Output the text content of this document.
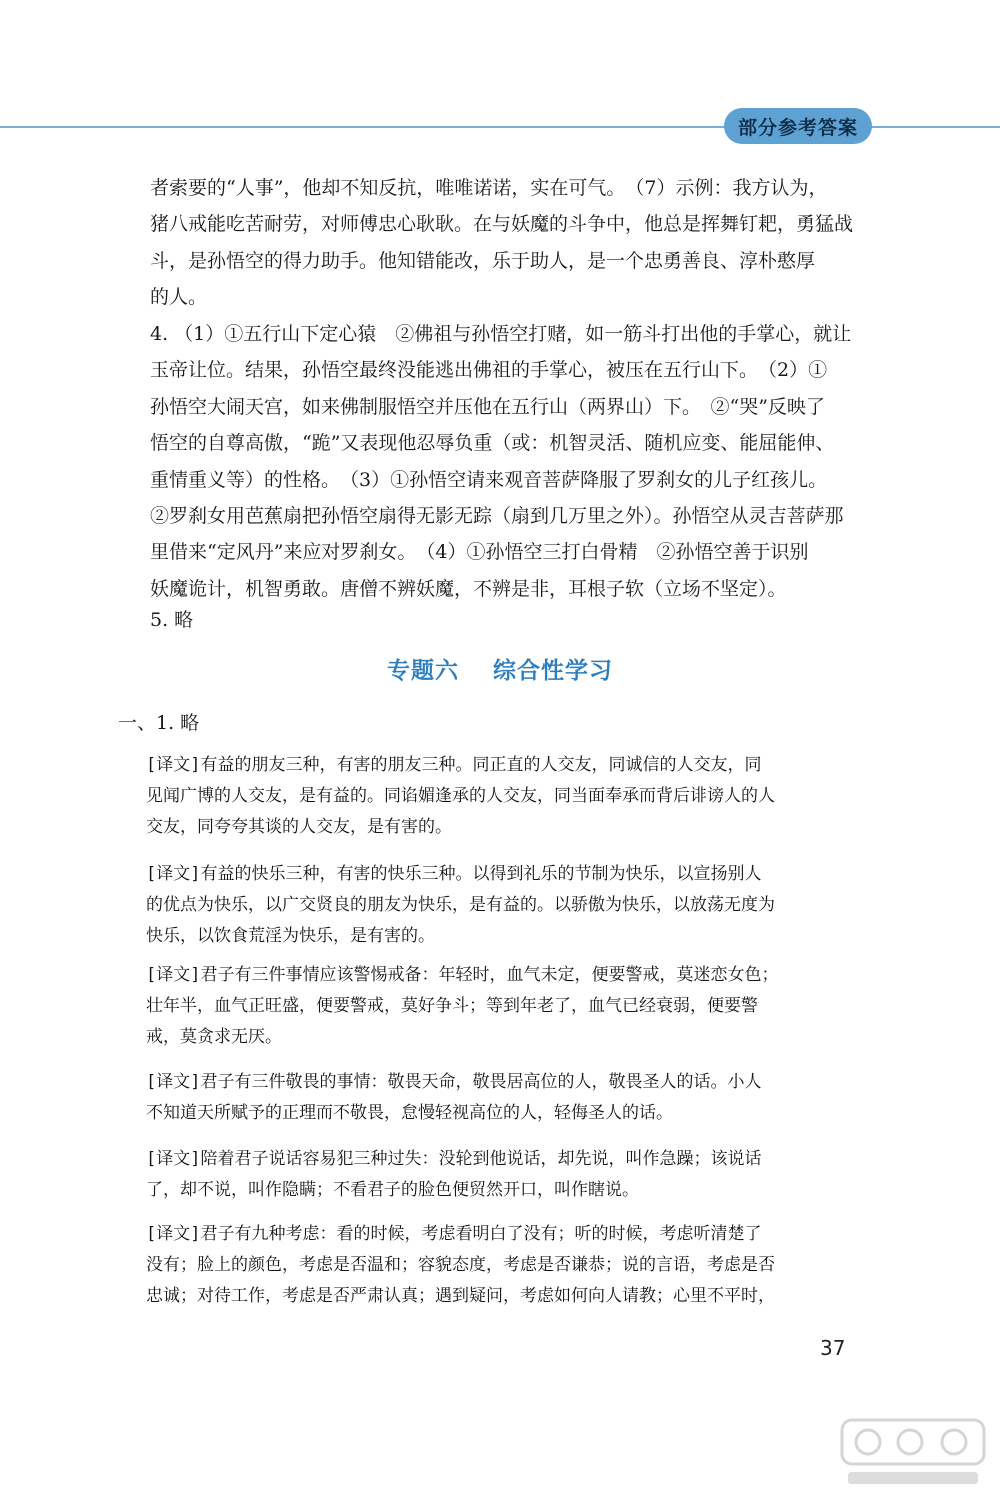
部分参考答案
者索要的“人事”，他却不知反抗，唯唯诺诺，实在可气。　（7）示例：我方认为，
猪八戒能吃苦耐劳，对师傅忠心耿耿。在与妖魔的斗争中，他总是挥舞钉耙，勇猛战
斗，是孙悟空的得力助手。他知错能改，乐于助人，是一个忠勇善良、淳朴憨厚
的人。
4. （1）①五行山下定心猿　②佛祖与孙悟空打赌，如一筋斗打出他的手掌心，就让
玉帝让位。结果，孙悟空最终没能逃出佛祖的手掌心，被压在五行山下。　（2）①
孙悟空大闹天宫，如来佛制服悟空并压他在五行山（两界山）下。　②“哭”反映了
悟空的自尊高傲，“跪”又表现他忍辱负重（或：机智灵活、随机应变、能屈能伸、
重情重义等）的性格。　（3）①孙悟空请来观音菩萨降服了罗刹女的儿子红孩儿。
②罗刹女用芭蕉扇把孙悟空扇得无影无踪（扇到几万里之外）。孙悟空从灵吉菩萨那
里借来“定风丹”来应对罗刹女。　（4）①孙悟空三打白骨精　②孙悟空善于识别
妖魔诡计，机智勇敢。唐僧不辨妖魔，不辨是非，耳根子软（立场不坚定）。
5. 略
专题六 综合性学习
一、1. 略
[译文]有益的朋友三种，有害的朋友三种。同正直的人交友，同诚信的人交友，同
见闻广博的人交友，是有益的。同谄媚逢承的人交友，同当面奉承而背后诽谤人的人
交友，同夸夸其谈的人交友，是有害的。
[译文]有益的快乐三种，有害的快乐三种。以得到礼乐的节制为快乐，以宣扬别人
的优点为快乐，以广交贤良的朋友为快乐，是有益的。以骄傲为快乐，以放荡无度为
快乐，以饮食荒淫为快乐，是有害的。
[译文]君子有三件事情应该警惕戒备：年轻时，血气未定，便要警戒，莫迷恋女色；
壮年半，血气正旺盛，便要警戒，莫好争斗；等到年老了，血气已经衰弱，便要警
戒，莫贪求无厌。
[译文]君子有三件敬畏的事情：敬畏天命，敬畏居高位的人，敬畏圣人的话。小人
不知道天所赋予的正理而不敬畏，怠慢轻视高位的人，轻侮圣人的话。
[译文]陪着君子说话容易犯三种过失：没轮到他说话，却先说，叫作急躁；该说话
了，却不说，叫作隐瞒；不看君子的脸色便贸然开口，叫作瞎说。
[译文]君子有九种考虑：看的时候，考虑看明白了没有；听的时候，考虑听清楚了
没有；脸上的颜色，考虑是否温和；容貌态度，考虑是否谦恭；说的言语，考虑是否
忠诚；对待工作，考虑是否严肃认真；遇到疑问，考虑如何向人请教；心里不平时，
37
